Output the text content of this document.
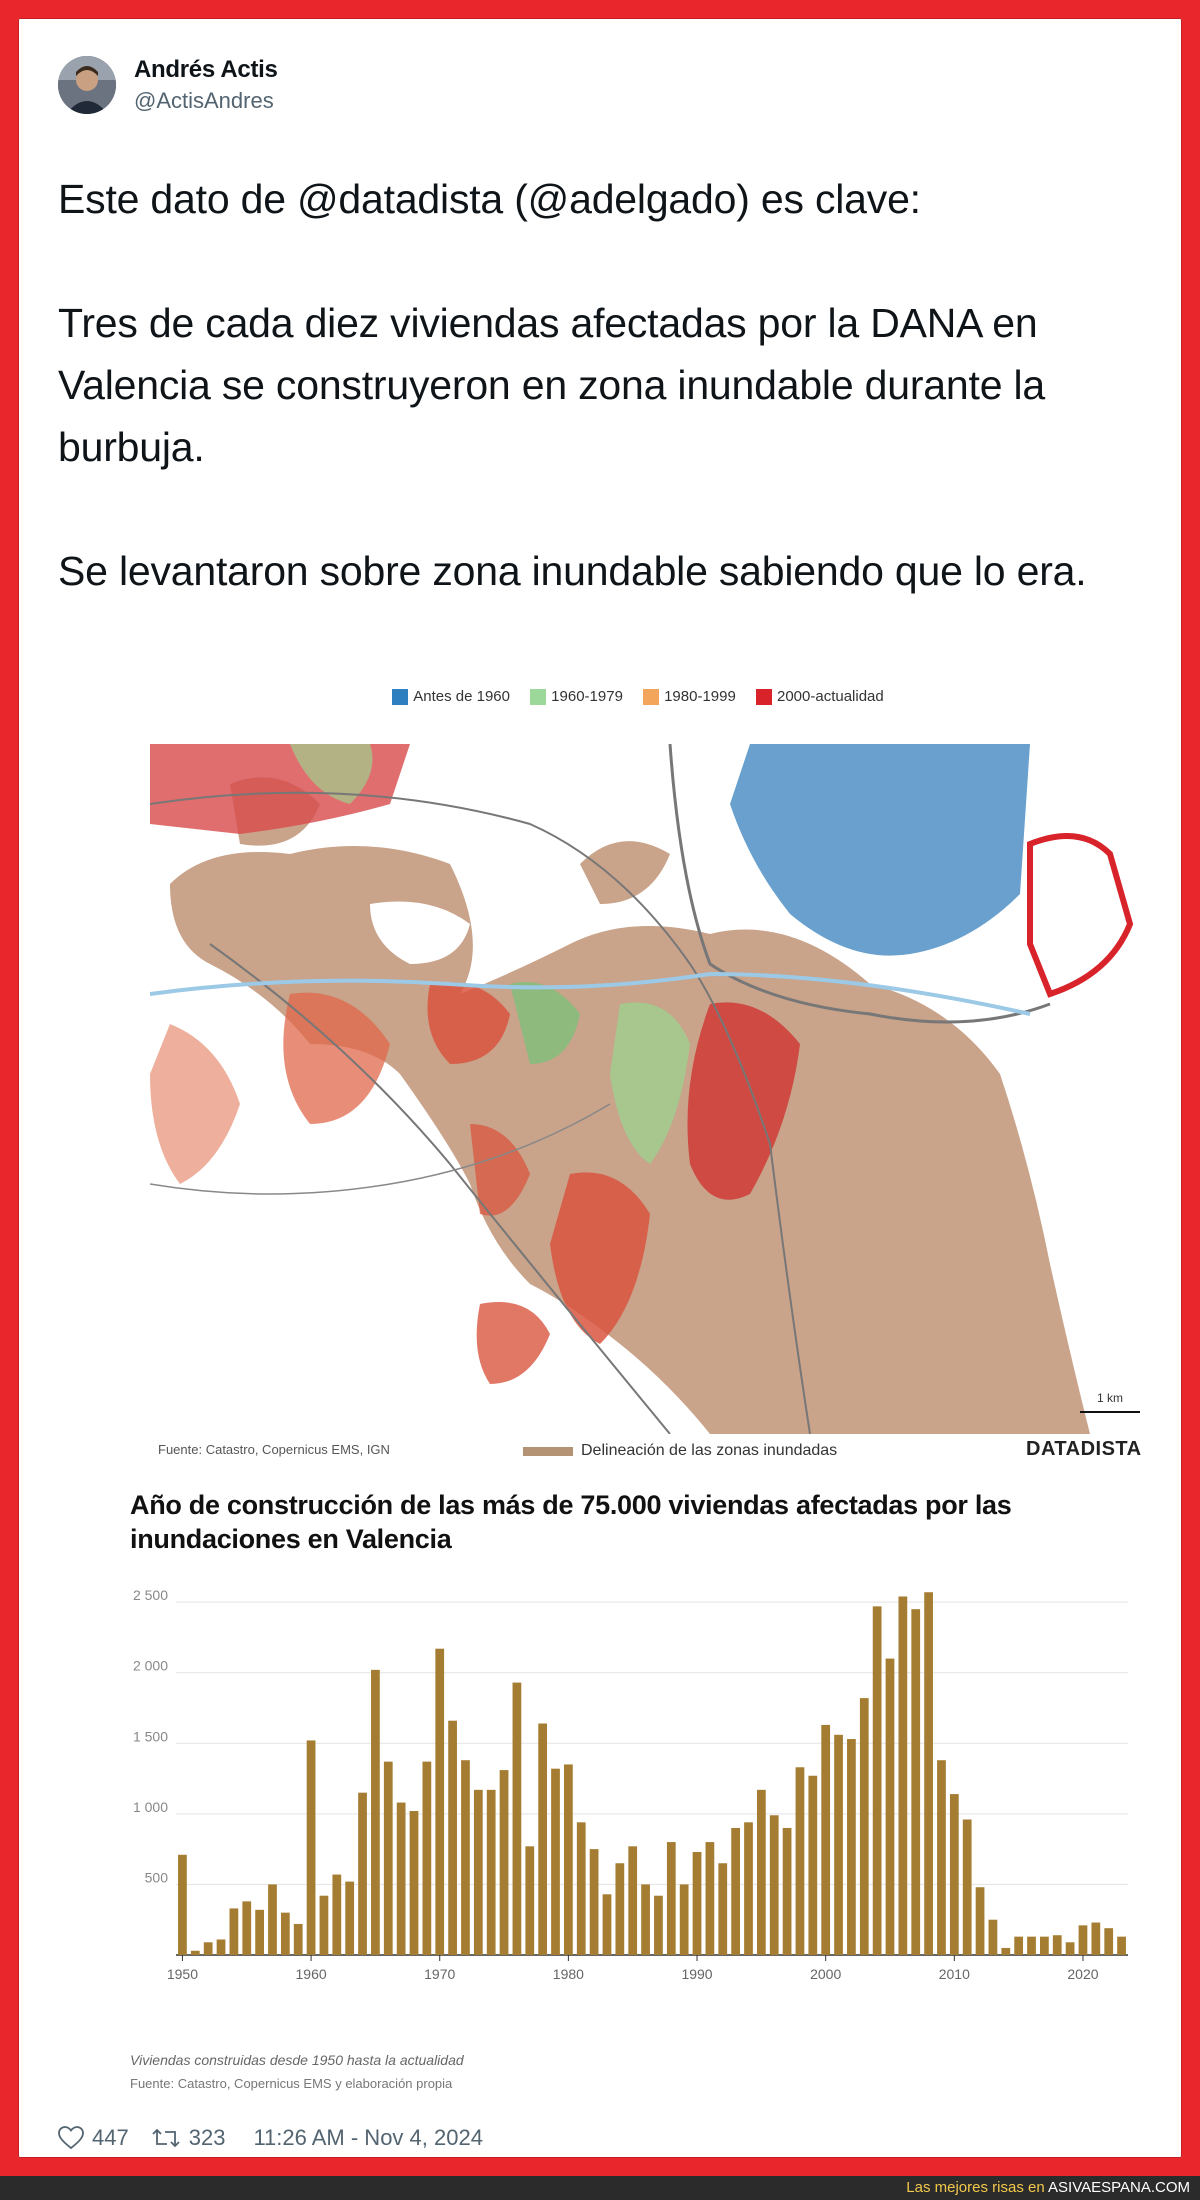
Andrés Actis
@ActisAndres

Este dato de @datadista (@adelgado) es clave:

Tres de cada diez viviendas afectadas por la DANA en Valencia se construyeron en zona inundable durante la burbuja.

Se levantaron sobre zona inundable sabiendo que lo era.

Antes de 1960
	1960-1979
	1980-1999
	2000-actualidad
1 km
Fuente: Catastro, Copernicus EMS, IGN	Delineación de las zonas inundadas	DATADISTA
Año de construcción de las más de 75.000 viviendas afectadas por las inundaciones en Valencia
500
1 000
1 500
2 000
2 500
1950	1960	1970	1980	1990	2000	2010	2020
Viviendas construidas desde 1950 hasta la actualidad
Fuente: Catastro, Copernicus EMS y elaboración propia
447	323 11:26 AM - Nov 4, 2024
Las mejores risas en ASIVAESPANA.COM
